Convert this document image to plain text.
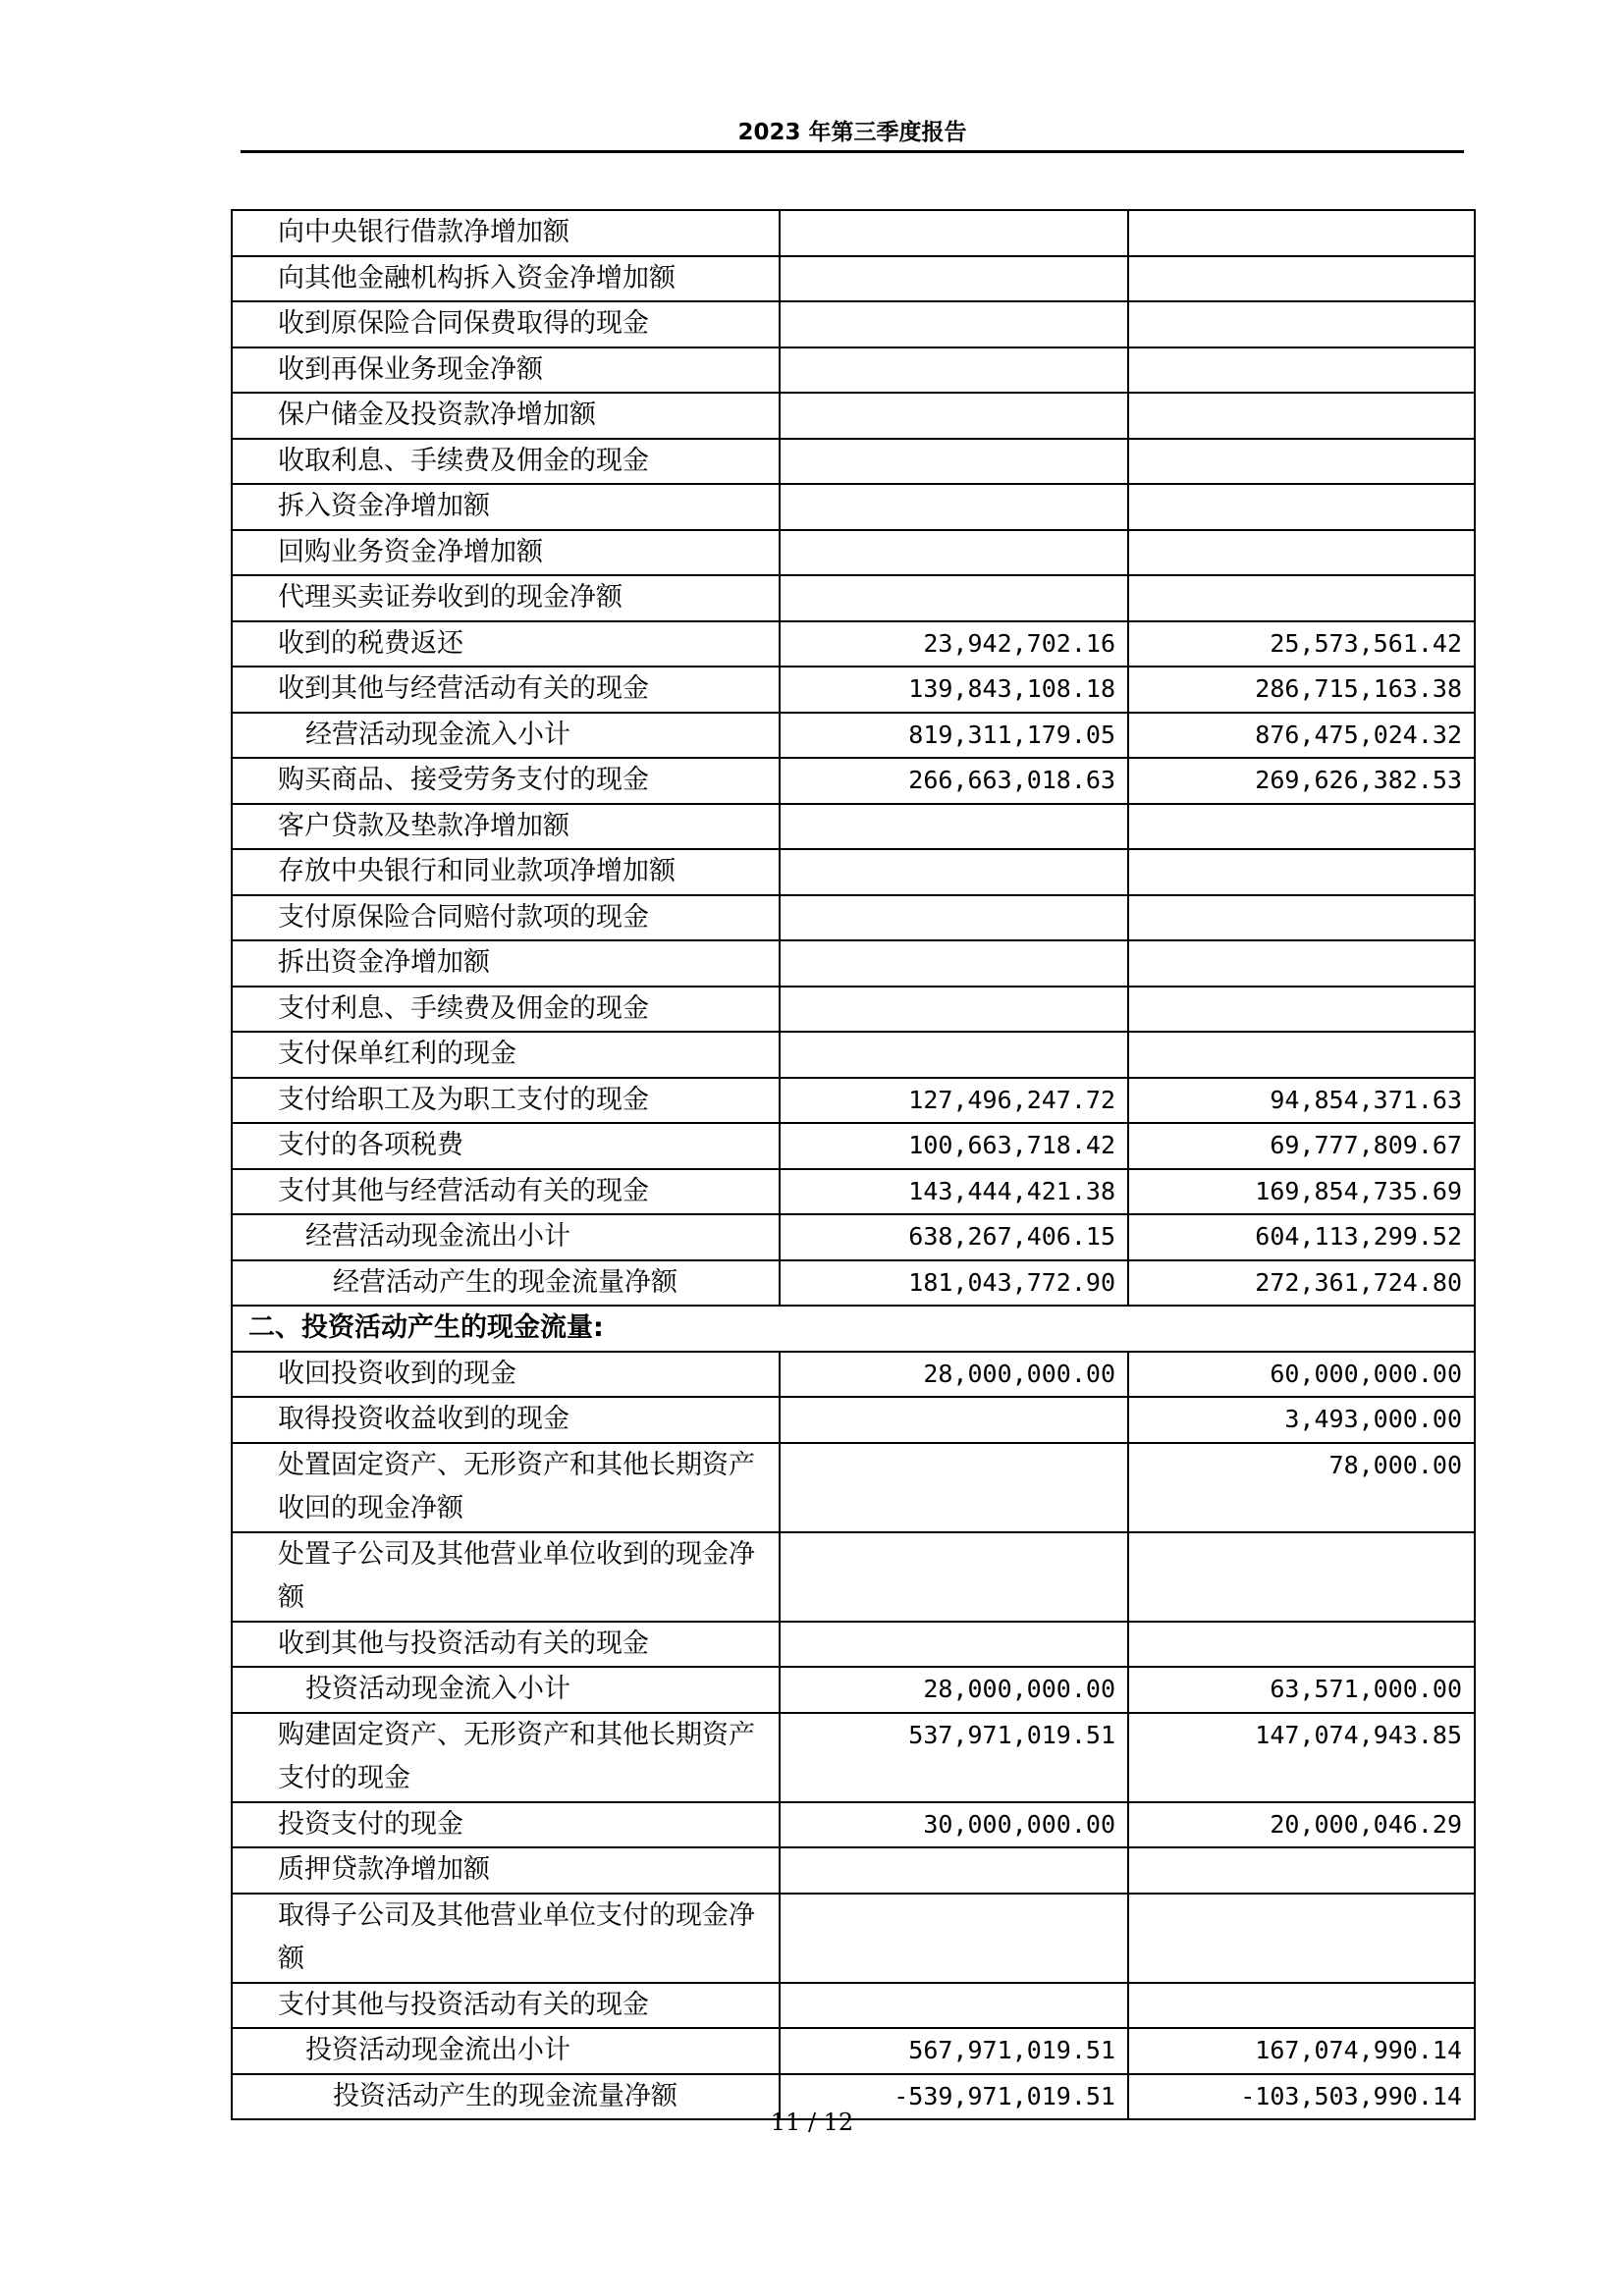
2023 年第三季度报告
向中央银行借款净增加额		
向其他金融机构拆入资金净增加额		
收到原保险合同保费取得的现金		
收到再保业务现金净额		
保户储金及投资款净增加额		
收取利息、手续费及佣金的现金		
拆入资金净增加额		
回购业务资金净增加额		
代理买卖证券收到的现金净额		
收到的税费返还	23,942,702.16	25,573,561.42
收到其他与经营活动有关的现金	139,843,108.18	286,715,163.38
经营活动现金流入小计	819,311,179.05	876,475,024.32
购买商品、接受劳务支付的现金	266,663,018.63	269,626,382.53
客户贷款及垫款净增加额		
存放中央银行和同业款项净增加额		
支付原保险合同赔付款项的现金		
拆出资金净增加额		
支付利息、手续费及佣金的现金		
支付保单红利的现金		
支付给职工及为职工支付的现金	127,496,247.72	94,854,371.63
支付的各项税费	100,663,718.42	69,777,809.67
支付其他与经营活动有关的现金	143,444,421.38	169,854,735.69
经营活动现金流出小计	638,267,406.15	604,113,299.52
经营活动产生的现金流量净额	181,043,772.90	272,361,724.80
二、投资活动产生的现金流量:		
收回投资收到的现金	28,000,000.00	60,000,000.00
取得投资收益收到的现金		3,493,000.00
处置固定资产、无形资产和其他长期资产收回的现金净额		78,000.00
处置子公司及其他营业单位收到的现金净额		
收到其他与投资活动有关的现金		
投资活动现金流入小计	28,000,000.00	63,571,000.00
购建固定资产、无形资产和其他长期资产支付的现金	537,971,019.51	147,074,943.85
投资支付的现金	30,000,000.00	20,000,046.29
质押贷款净增加额		
取得子公司及其他营业单位支付的现金净额		
支付其他与投资活动有关的现金		
投资活动现金流出小计	567,971,019.51	167,074,990.14
投资活动产生的现金流量净额	-539,971,019.51	-103,503,990.14
11 / 12
